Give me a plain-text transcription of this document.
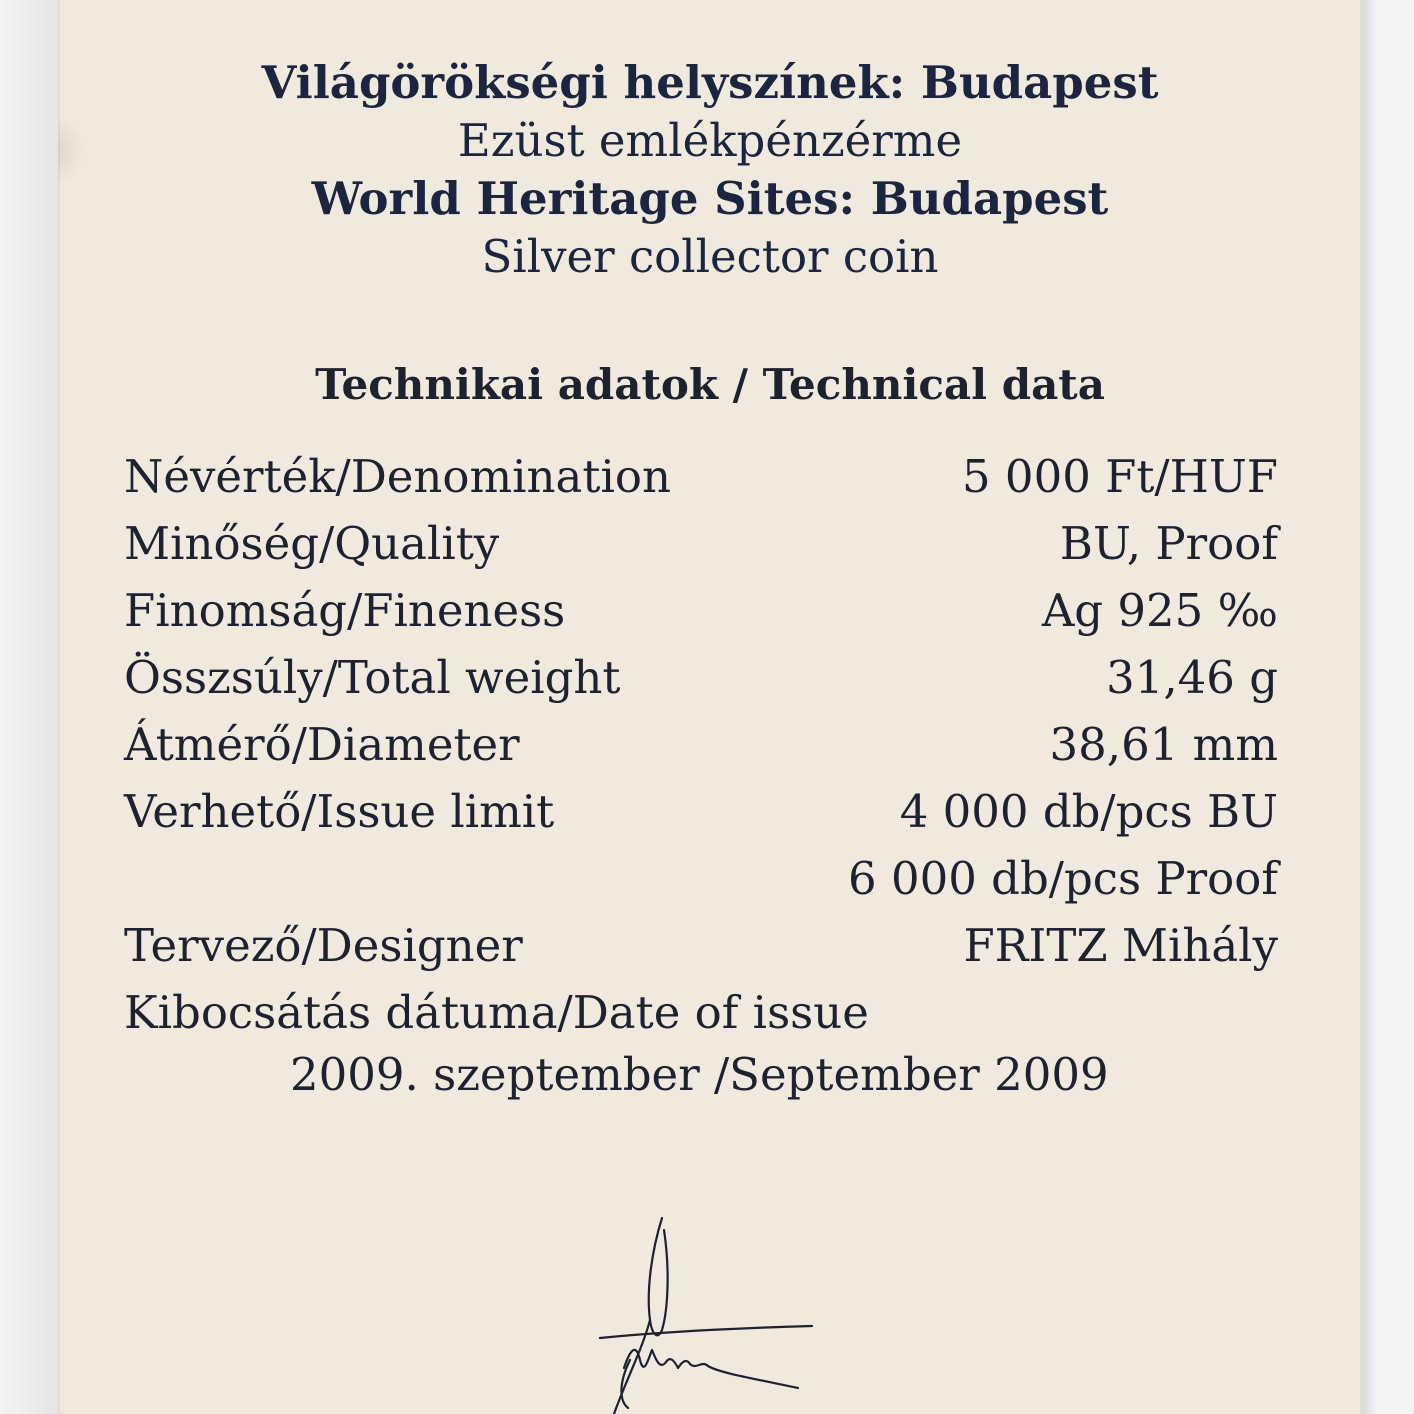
Világörökségi helyszínek: Budapest
Ezüst emlékpénzérme
World Heritage Sites: Budapest
Silver collector coin
Technikai adatok / Technical data
Névérték/Denomination	5 000 Ft/HUF
Minőség/Quality	BU, Proof
Finomság/Fineness	Ag 925 ‰
Összsúly/Total weight	31,46 g
Átmérő/Diameter	38,61 mm
Verhető/Issue limit	4 000 db/pcs BU
6 000 db/pcs Proof
Tervező/Designer	FRITZ Mihály
Kibocsátás dátuma/Date of issue
2009. szeptember /September 2009
